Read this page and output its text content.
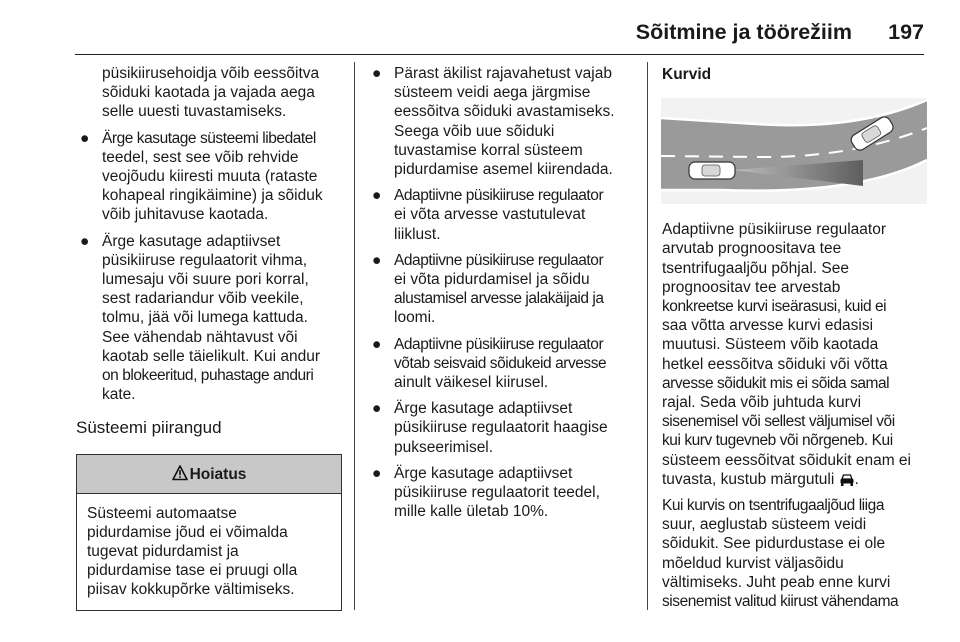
Sõitmine ja töörežiim 197
püsikiirusehoidja võib eessõitva
sõiduki kaotada ja vajada aega
selle uuesti tuvastamiseks.
● Ärge kasutage süsteemi libedatel
teedel, sest see võib rehvide
veojõudu kiiresti muuta (rataste
kohapeal ringikäimine) ja sõiduk
võib juhitavuse kaotada.
● Ärge kasutage adaptiivset
püsikiiruse regulaatorit vihma,
lumesaju või suure pori korral,
sest radariandur võib veekile,
tolmu, jää või lumega kattuda.
See vähendab nähtavust või
kaotab selle täielikult. Kui andur
on blokeeritud, puhastage anduri
kate.
Süsteemi piirangud
Hoiatus
Süsteemi automaatse
pidurdamise jõud ei võimalda
tugevat pidurdamist ja
pidurdamise tase ei pruugi olla
piisav kokkupõrke vältimiseks.
● Pärast äkilist rajavahetust vajab
süsteem veidi aega järgmise
eessõitva sõiduki avastamiseks.
Seega võib uue sõiduki
tuvastamise korral süsteem
pidurdamise asemel kiirendada.
● Adaptiivne püsikiiruse regulaator
ei võta arvesse vastutulevat
liiklust.
● Adaptiivne püsikiiruse regulaator
ei võta pidurdamisel ja sõidu
alustamisel arvesse jalakäijaid ja
loomi.
● Adaptiivne püsikiiruse regulaator
võtab seisvaid sõidukeid arvesse
ainult väikesel kiirusel.
● Ärge kasutage adaptiivset
püsikiiruse regulaatorit haagise
pukseerimisel.
● Ärge kasutage adaptiivset
püsikiiruse regulaatorit teedel,
mille kalle ületab 10%.
Kurvid
Adaptiivne püsikiiruse regulaator
arvutab prognoositava tee
tsentrifugaaljõu põhjal. See
prognoositav tee arvestab
konkreetse kurvi iseärasusi, kuid ei
saa võtta arvesse kurvi edasisi
muutusi. Süsteem võib kaotada
hetkel eessõitva sõiduki või võtta
arvesse sõidukit mis ei sõida samal
rajal. Seda võib juhtuda kurvi
sisenemisel või sellest väljumisel või
kui kurv tugevneb või nõrgeneb. Kui
süsteem eessõitvat sõidukit enam ei
tuvasta, kustub märgutuli .
Kui kurvis on tsentrifugaaljõud liiga
suur, aeglustab süsteem veidi
sõidukit. See pidurdustase ei ole
mõeldud kurvist väljasõidu
vältimiseks. Juht peab enne kurvi
sisenemist valitud kiirust vähendama
